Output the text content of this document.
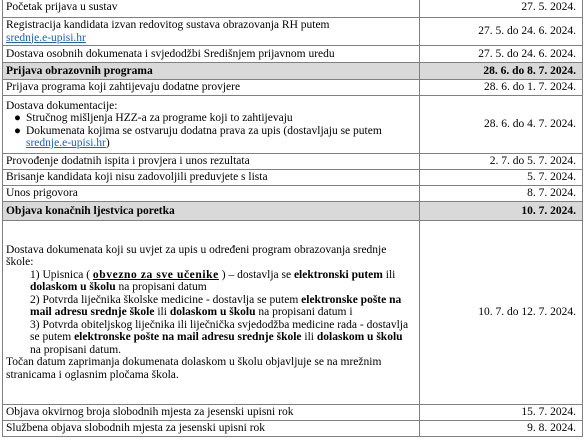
Početak prijava u sustav	27. 5. 2024.
Registracija kandidata izvan redovitog sustava obrazovanja RH putem
srednje.e-upisi.hr	27. 5. do 24. 6. 2024.
Dostava osobnih dokumenata i svjedodžbi Središnjem prijavnom uredu	27. 5. do 24. 6. 2024.
Prijava obrazovnih programa	28. 6. do 8. 7. 2024.
Prijava programa koji zahtijevaju dodatne provjere	28. 6. do 1. 7. 2024.

Dostava dokumentacije:
● Stručnog mišljenja HZZ-a za programe koji to zahtijevaju
● Dokumenata kojima se ostvaruju dodatna prava za upis (dostavljaju se putem srednje.e-upisi.hr)	28. 6. do 4. 7. 2024.
Provođenje dodatnih ispita i provjera i unos rezultata	2. 7. do 5. 7. 2024.
Brisanje kandidata koji nisu zadovoljili preduvjete s lista	5. 7. 2024.
Unos prigovora	8. 7. 2024.
Objava konačnih ljestvica poretka	10. 7. 2024.

Dostava dokumenata koji su uvjet za upis u određeni program obrazovanja srednje škole:
1) Upisnica ( obvezno za sve učenike ) – dostavlja se elektronski putem ili dolaskom u školu na propisani datum
2) Potvrda liječnika školske medicine - dostavlja se putem elektronske pošte na mail adresu srednje škole ili dolaskom u školu na propisani datum i
3) Potvrda obiteljskog liječnika ili liječnička svjedodžba medicine rada - dostavlja se putem elektronske pošte na mail adresu srednje škole ili dolaskom u školu na propisani datum.
Točan datum zaprimanja dokumenata dolaskom u školu objavljuje se na mrežnim stranicama i oglasnim pločama škola.	10. 7. do 12. 7. 2024.
Objava okvirnog broja slobodnih mjesta za jesenski upisni rok	15. 7. 2024.
Službena objava slobodnih mjesta za jesenski upisni rok	9. 8. 2024.
